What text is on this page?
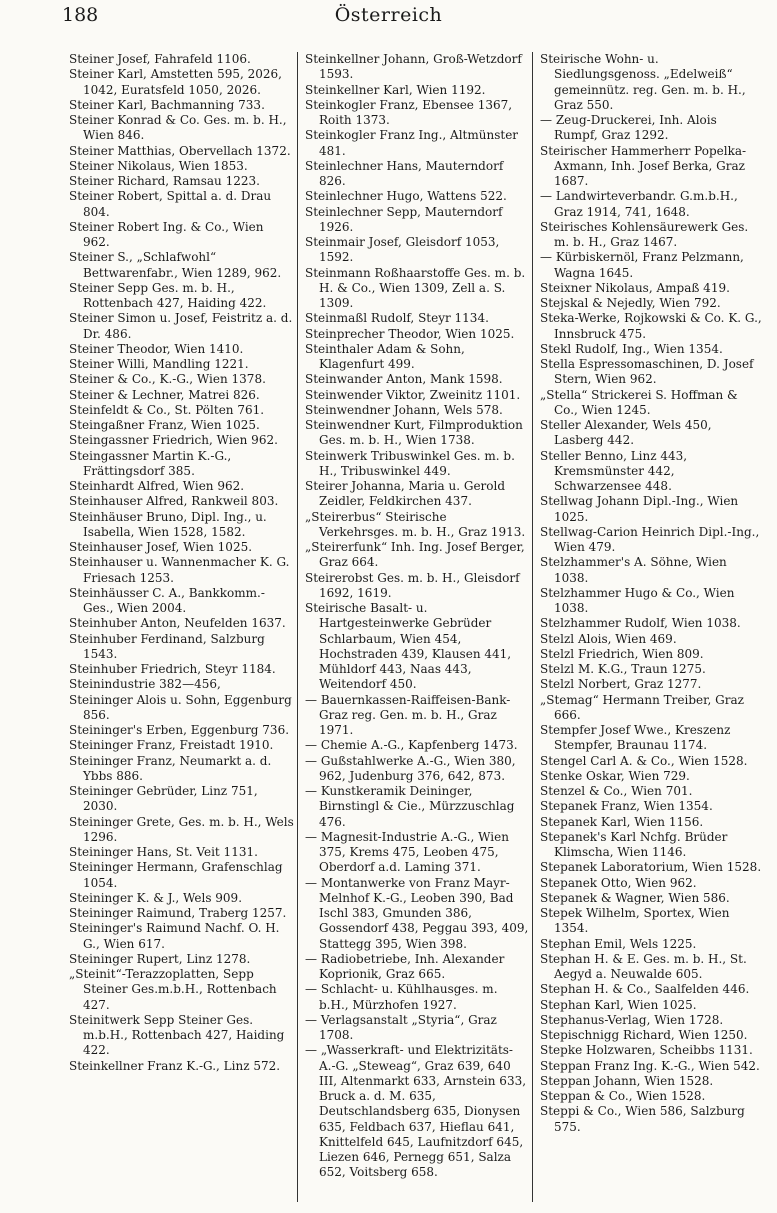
188	Österreich

Steiner Josef, Fahrafeld 1106.

Steiner Karl, Amstetten 595, 2026, 1042, Euratsfeld 1050, 2026.

Steiner Karl, Bachmanning 733.

Steiner Konrad & Co. Ges. m. b. H., Wien 846.

Steiner Matthias, Obervellach 1372.

Steiner Nikolaus, Wien 1853.

Steiner Richard, Ramsau 1223.

Steiner Robert, Spittal a. d. Drau 804.

Steiner Robert Ing. & Co., Wien 962.

Steiner S., „Schlafwohl“ Bettwarenfabr., Wien 1289, 962.

Steiner Sepp Ges. m. b. H., Rottenbach 427, Haiding 422.

Steiner Simon u. Josef, Feistritz a. d. Dr. 486.

Steiner Theodor, Wien 1410.

Steiner Willi, Mandling 1221.

Steiner & Co., K.-G., Wien 1378.

Steiner & Lechner, Matrei 826.

Steinfeldt & Co., St. Pölten 761.

Steingaßner Franz, Wien 1025.

Steingassner Friedrich, Wien 962.

Steingassner Martin K.-G., Frättingsdorf 385.

Steinhardt Alfred, Wien 962.

Steinhauser Alfred, Rankweil 803.

Steinhäuser Bruno, Dipl. Ing., u. Isabella, Wien 1528, 1582.

Steinhauser Josef, Wien 1025.

Steinhauser u. Wannenmacher K. G. Friesach 1253.

Steinhäusser C. A., Bankkomm.-Ges., Wien 2004.

Steinhuber Anton, Neufelden 1637.

Steinhuber Ferdinand, Salzburg 1543.

Steinhuber Friedrich, Steyr 1184.

Steinindustrie 382—456,

Steininger Alois u. Sohn, Eggenburg 856.

Steininger's Erben, Eggenburg 736.

Steininger Franz, Freistadt 1910.

Steininger Franz, Neumarkt a. d. Ybbs 886.

Steininger Gebrüder, Linz 751, 2030.

Steininger Grete, Ges. m. b. H., Wels 1296.

Steininger Hans, St. Veit 1131.

Steininger Hermann, Grafenschlag 1054.

Steininger K. & J., Wels 909.

Steininger Raimund, Traberg 1257.

Steininger's Raimund Nachf. O. H. G., Wien 617.

Steininger Rupert, Linz 1278.

„Steinit“-Terazzoplatten, Sepp Steiner Ges.m.b.H., Rottenbach 427.

Steinitwerk Sepp Steiner Ges. m.b.H., Rottenbach 427, Haiding 422.

Steinkellner Franz K.-G., Linz 572.

Steinkellner Johann, Groß-Wetzdorf 1593.

Steinkellner Karl, Wien 1192.

Steinkogler Franz, Ebensee 1367, Roith 1373.

Steinkogler Franz Ing., Altmünster 481.

Steinlechner Hans, Mauterndorf 826.

Steinlechner Hugo, Wattens 522.

Steinlechner Sepp, Mauterndorf 1926.

Steinmair Josef, Gleisdorf 1053, 1592.

Steinmann Roßhaarstoffe Ges. m. b. H. & Co., Wien 1309, Zell a. S. 1309.

Steinmaßl Rudolf, Steyr 1134.

Steinprecher Theodor, Wien 1025.

Steinthaler Adam & Sohn, Klagenfurt 499.

Steinwander Anton, Mank 1598.

Steinwender Viktor, Zweinitz 1101.

Steinwendner Johann, Wels 578.

Steinwendner Kurt, Filmproduktion Ges. m. b. H., Wien 1738.

Steinwerk Tribuswinkel Ges. m. b. H., Tribuswinkel 449.

Steirer Johanna, Maria u. Gerold Zeidler, Feldkirchen 437.

„Steirerbus“ Steirische Verkehrsges. m. b. H., Graz 1913.

„Steirerfunk“ Inh. Ing. Josef Berger, Graz 664.

Steirerobst Ges. m. b. H., Gleisdorf 1692, 1619.

Steirische Basalt- u. Hartgesteinwerke Gebrüder Schlarbaum, Wien 454, Hochstraden 439, Klausen 441, Mühldorf 443, Naas 443, Weitendorf 450.

— Bauernkassen-Raiffeisen-Bank-Graz reg. Gen. m. b. H., Graz 1971.

— Chemie A.-G., Kapfenberg 1473.

— Gußstahlwerke A.-G., Wien 380, 962, Judenburg 376, 642, 873.

— Kunstkeramik Deininger, Birnstingl & Cie., Mürzzuschlag 476.

— Magnesit-Industrie A.-G., Wien 375, Krems 475, Leoben 475, Oberdorf a.d. Laming 371.

— Montanwerke von Franz Mayr-Melnhof K.-G., Leoben 390, Bad Ischl 383, Gmunden 386, Gossendorf 438, Peggau 393, 409, Stattegg 395, Wien 398.

— Radiobetriebe, Inh. Alexander Koprionik, Graz 665.

— Schlacht- u. Kühlhausges. m. b.H., Mürzhofen 1927.

— Verlagsanstalt „Styria“, Graz 1708.

— „Wasserkraft- und Elektrizitäts-A.-G. „Steweag“, Graz 639, 640 III, Altenmarkt 633, Arnstein 633, Bruck a. d. M. 635, Deutschlandsberg 635, Dionysen 635, Feldbach 637, Hieflau 641, Knittelfeld 645, Laufnitzdorf 645, Liezen 646, Pernegg 651, Salza 652, Voitsberg 658.

Steirische Wohn- u. Siedlungsgenoss. „Edelweiß“ gemeinnütz. reg. Gen. m. b. H., Graz 550.

— Zeug-Druckerei, Inh. Alois Rumpf, Graz 1292.

Steirischer Hammerherr Popelka-Axmann, Inh. Josef Berka, Graz 1687.

— Landwirteverbandr. G.m.b.H., Graz 1914, 741, 1648.

Steirisches Kohlensäurewerk Ges. m. b. H., Graz 1467.

— Kürbiskernöl, Franz Pelzmann, Wagna 1645.

Steixner Nikolaus, Ampaß 419.

Stejskal & Nejedly, Wien 792.

Steka-Werke, Rojkowski & Co. K. G., Innsbruck 475.

Stekl Rudolf, Ing., Wien 1354.

Stella Espressomaschinen, D. Josef Stern, Wien 962.

„Stella“ Strickerei S. Hoffman & Co., Wien 1245.

Steller Alexander, Wels 450, Lasberg 442.

Steller Benno, Linz 443, Kremsmünster 442, Schwarzensee 448.

Stellwag Johann Dipl.-Ing., Wien 1025.

Stellwag-Carion Heinrich Dipl.-Ing., Wien 479.

Stelzhammer's A. Söhne, Wien 1038.

Stelzhammer Hugo & Co., Wien 1038.

Stelzhammer Rudolf, Wien 1038.

Stelzl Alois, Wien 469.

Stelzl Friedrich, Wien 809.

Stelzl M. K.G., Traun 1275.

Stelzl Norbert, Graz 1277.

„Stemag“ Hermann Treiber, Graz 666.

Stempfer Josef Wwe., Kreszenz Stempfer, Braunau 1174.

Stengel Carl A. & Co., Wien 1528.

Stenke Oskar, Wien 729.

Stenzel & Co., Wien 701.

Stepanek Franz, Wien 1354.

Stepanek Karl, Wien 1156.

Stepanek's Karl Nchfg. Brüder Klimscha, Wien 1146.

Stepanek Laboratorium, Wien 1528.

Stepanek Otto, Wien 962.

Stepanek & Wagner, Wien 586.

Stepek Wilhelm, Sportex, Wien 1354.

Stephan Emil, Wels 1225.

Stephan H. & E. Ges. m. b. H., St. Aegyd a. Neuwalde 605.

Stephan H. & Co., Saalfelden 446.

Stephan Karl, Wien 1025.

Stephanus-Verlag, Wien 1728.

Stepischnigg Richard, Wien 1250.

Stepke Holzwaren, Scheibbs 1131.

Steppan Franz Ing. K.-G., Wien 542.

Steppan Johann, Wien 1528.

Steppan & Co., Wien 1528.

Steppi & Co., Wien 586, Salzburg 575.
